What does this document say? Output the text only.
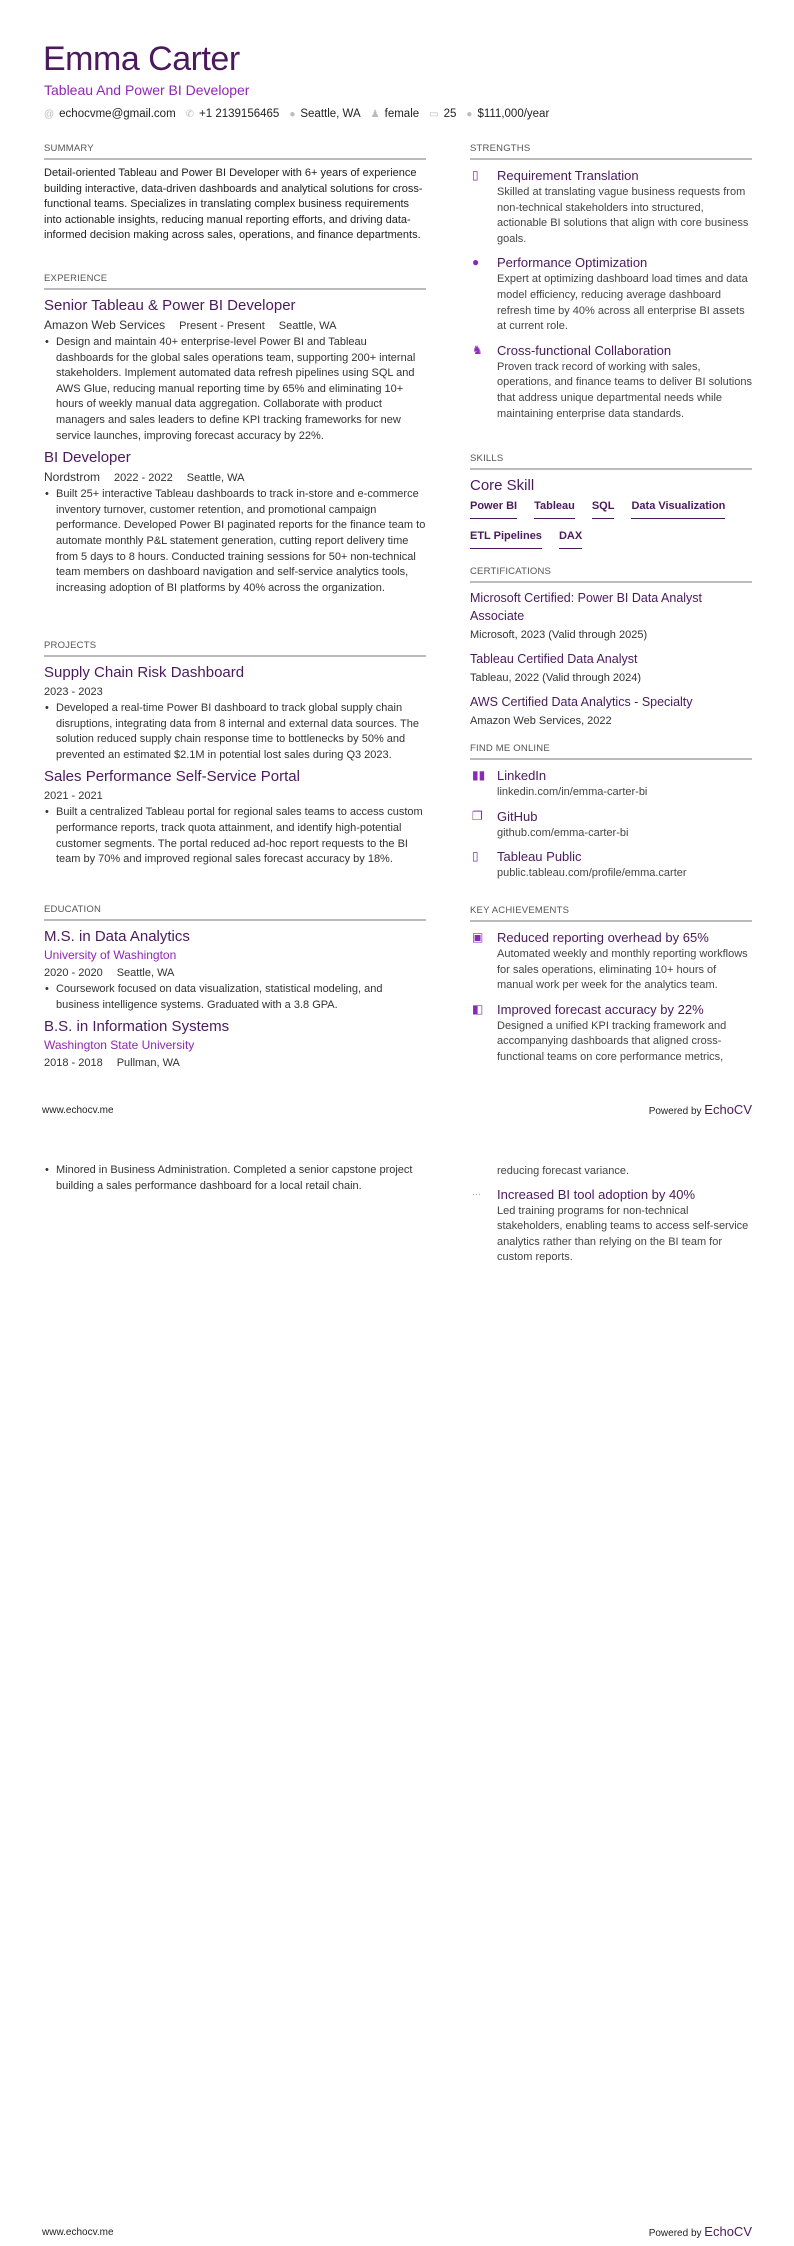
Emma Carter
Tableau And Power BI Developer
@ echocvme@gmail.com ✆ +1 2139156465 ● Seattle, WA ♟ female ▭ 25 ● $111,000/year
SUMMARY
Detail-oriented Tableau and Power BI Developer with 6+ years of experience building interactive, data-driven dashboards and analytical solutions for cross-functional teams. Specializes in translating complex business requirements into actionable insights, reducing manual reporting efforts, and driving data-informed decision making across sales, operations, and finance departments.
EXPERIENCE
Senior Tableau & Power BI Developer
Amazon Web Services Present - Present Seattle, WA
• Design and maintain 40+ enterprise-level Power BI and Tableau dashboards for the global sales operations team, supporting 200+ internal stakeholders. Implement automated data refresh pipelines using SQL and AWS Glue, reducing manual reporting time by 65% and eliminating 10+ hours of weekly manual data aggregation. Collaborate with product managers and sales leaders to define KPI tracking frameworks for new service launches, improving forecast accuracy by 22%.
BI Developer
Nordstrom 2022 - 2022 Seattle, WA
• Built 25+ interactive Tableau dashboards to track in-store and e-commerce inventory turnover, customer retention, and promotional campaign performance. Developed Power BI paginated reports for the finance team to automate monthly P&L statement generation, cutting report delivery time from 5 days to 8 hours. Conducted training sessions for 50+ non-technical team members on dashboard navigation and self-service analytics tools, increasing adoption of BI platforms by 40% across the organization.
PROJECTS
Supply Chain Risk Dashboard
2023 - 2023
• Developed a real-time Power BI dashboard to track global supply chain disruptions, integrating data from 8 internal and external data sources. The solution reduced supply chain response time to bottlenecks by 50% and prevented an estimated $2.1M in potential lost sales during Q3 2023.
Sales Performance Self-Service Portal
2021 - 2021
• Built a centralized Tableau portal for regional sales teams to access custom performance reports, track quota attainment, and identify high-potential customer segments. The portal reduced ad-hoc report requests to the BI team by 70% and improved regional sales forecast accuracy by 18%.
EDUCATION
M.S. in Data Analytics
University of Washington
2020 - 2020 Seattle, WA
• Coursework focused on data visualization, statistical modeling, and business intelligence systems. Graduated with a 3.8 GPA.
B.S. in Information Systems
Washington State University
2018 - 2018 Pullman, WA
STRENGTHS
▯	Requirement Translation
Skilled at translating vague business requests from non-technical stakeholders into structured, actionable BI solutions that align with core business goals.
●	Performance Optimization
Expert at optimizing dashboard load times and data model efficiency, reducing average dashboard refresh time by 40% across all enterprise BI assets at current role.
♞ Cross-functional Collaboration
Proven track record of working with sales, operations, and finance teams to deliver BI solutions that address unique departmental needs while maintaining enterprise data standards.
SKILLS
Core Skill
Power BI Tableau SQL Data Visualization
ETL Pipelines DAX
CERTIFICATIONS
Microsoft Certified: Power BI Data Analyst Associate
Microsoft, 2023 (Valid through 2025)
Tableau Certified Data Analyst
Tableau, 2022 (Valid through 2024)
AWS Certified Data Analytics - Specialty
Amazon Web Services, 2022
FIND ME ONLINE
▮▮ LinkedIn
linkedin.com/in/emma-carter-bi
❐ GitHub
github.com/emma-carter-bi
▯	Tableau Public
public.tableau.com/profile/emma.carter
KEY ACHIEVEMENTS
▣ Reduced reporting overhead by 65%
Automated weekly and monthly reporting workflows for sales operations, eliminating 10+ hours of manual work per week for the analytics team.
◧ Improved forecast accuracy by 22%
Designed a unified KPI tracking framework and accompanying dashboards that aligned cross-functional teams on core performance metrics,
www.echocv.me	Powered by EchoCV
• Minored in Business Administration. Completed a senior capstone project building a sales performance dashboard for a local retail chain.
reducing forecast variance.
···	Increased BI tool adoption by 40%
Led training programs for non-technical stakeholders, enabling teams to access self-service analytics rather than relying on the BI team for custom reports.
www.echocv.me	Powered by EchoCV
